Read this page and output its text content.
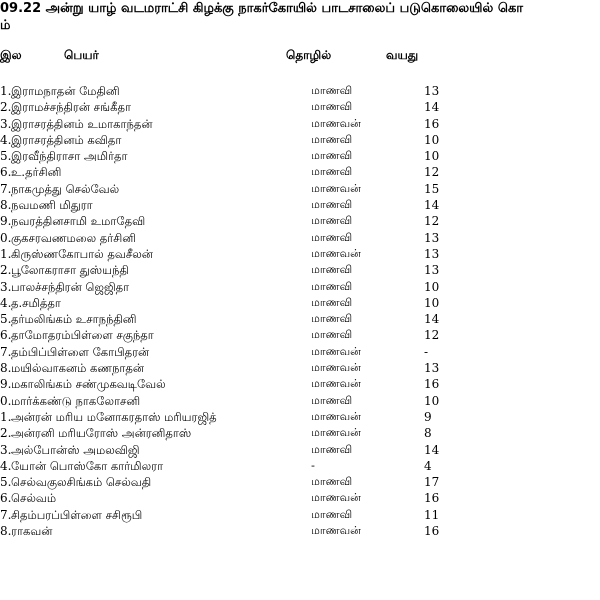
09.22 அன்று யாழ் வடமராட்சி கிழக்கு நாகர்கோயில் பாடசாலைப் படுகொலையில் கொ
ம்
இல	பெயர்	தொழில்	வயது
1. இராமநாதன் மேதினி	மாணவி	13
2. இராமச்சந்திரன் சங்கீதா	மாணவி	14
3. இராசரத்தினம் உமாகாந்தன்	மாணவன்	16
4. இராசரத்தினம் கவிதா	மாணவி	10
5. இரவீந்திராசா அமிர்தா	மாணவி	10
6. உ.தர்சினி	மாணவி	12
7. நாகமுத்து செல்வேல்	மாணவன்	15
8. நவமணி மிதுரா	மாணவி	14
9. நவரத்தினசாமி உமாதேவி	மாணவி	12
0. குகசரவணமலை தர்சினி	மாணவி	13
1. கிருஸ்ணகோபால் தவசீலன்	மாணவன்	13
2. பூலோகராசா துஸ்யந்தி	மாணவி	13
3. பாலச்சந்திரன் ஜெஜிதா	மாணவி	10
4. த.சமித்தா	மாணவி	10
5. தர்மலிங்கம் உசாநந்தினி	மாணவி	14
6. தாமோதரம்பிள்ளை சகுந்தா	மாணவி	12
7. தம்பிப்பிள்ளை கோபிதரன்	மாணவன்	-
8. மயில்வாகனம் கணநாதன்	மாணவன்	13
9. மகாலிங்கம் சண்முகவடிவேல்	மாணவன்	16
0. மார்க்கண்டு நாகலோசனி	மாணவி	10
1. அன்ரன் மரிய மனோகரதாஸ் மரியரஜித்	மாணவன்	9
2. அன்ரனி மரியரோஸ் அன்ரனிதாஸ்	மாணவன்	8
3. அல்போன்ஸ் அமலவிஜி	மாணவி	14
4. யோன் பொஸ்கோ கார்மிலரா	-	4
5. செல்வகுலசிங்கம் செல்வதி	மாணவி	17
6. செல்வம்	மாணவன்	16
7. சிதம்பரப்பிள்ளை சசிரூபி	மாணவி	11
8. ராகவன்	மாணவன்	16
